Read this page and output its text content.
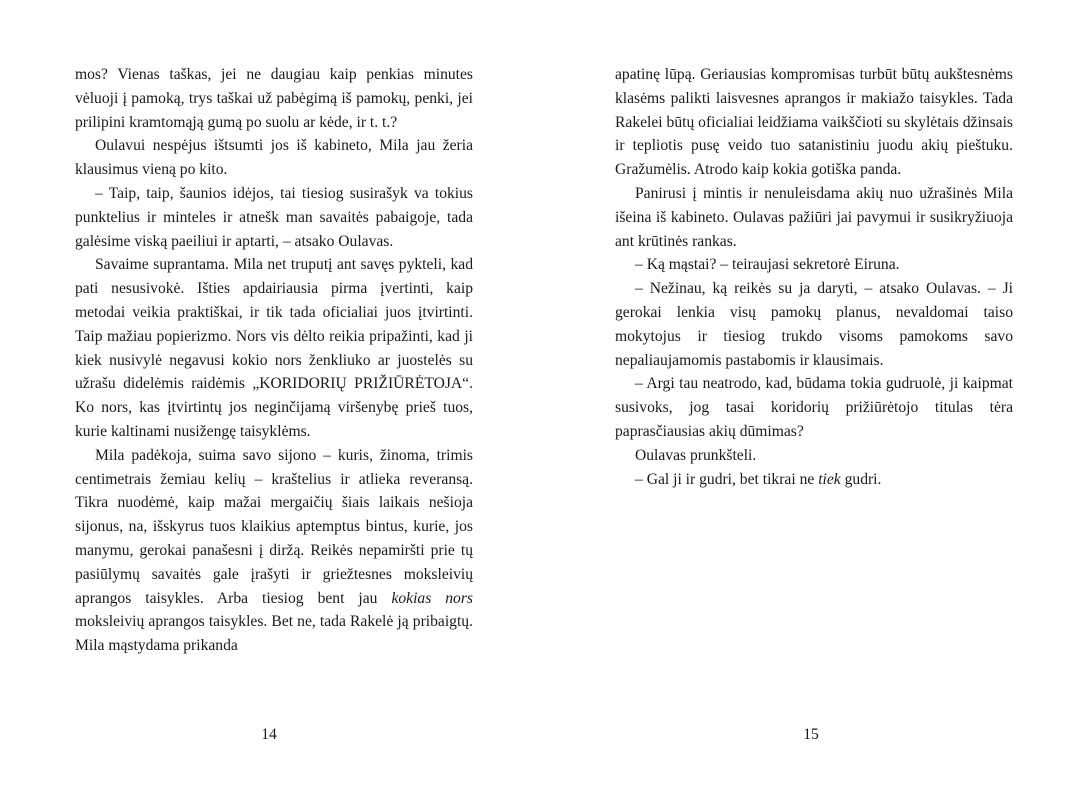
mos? Vienas taškas, jei ne daugiau kaip penkias minutes vėluoji į pamoką, trys taškai už pabėgimą iš pamokų, penki, jei prilipini kramtomąją gumą po suolu ar kėde, ir t. t.?

Oulavui nespėjus ištsumti jos iš kabineto, Mila jau žeria klausimus vieną po kito.

– Taip, taip, šaunios idėjos, tai tiesiog susirašyk va tokius punktelius ir minteles ir atnešk man savaitės pabaigoje, tada galėsime viską paeiliui ir aptarti, – atsako Oulavas.

Savaime suprantama. Mila net truputį ant savęs pyktelі, kad pati nesusivokė. Išties apdairiausia pirma įvertinti, kaip metodai veikia praktiškai, ir tik tada oficialiai juos įtvirtinti. Taip mažiau popierizmo. Nors vis dėlto reikia pripažinti, kad ji kiek nusivylė negavusi kokio nors ženkliuko ar juostelės su užrašu didelėmis raidėmis „KORIDORIŲ PRIŽIŪRĖTOJA“. Ko nors, kas įtvirtintų jos neginčijamą viršenybę prieš tuos, kurie kaltinami nusižengę taisyklėms.

Mila padėkoja, suima savo sijono – kuris, žinoma, trimis centimetrais žemiau kelių – kraštelius ir atlieka reveransą. Tikra nuodėmė, kaip mažai mergaičių šiais laikais nešioja sijonus, na, išskyrus tuos klaikius aptemptus bintus, kurie, jos manymu, gerokai panašesni į diržą. Reikės nepamiršti prie tų pasiūlymų savaitės gale įrašyti ir griežtesnes moksleivių aprangos taisykles. Arba tiesiog bent jau kokias nors moksleivių aprangos taisykles. Bet ne, tada Rakelė ją pribaigtų. Mila mąstydama prikanda

14

apatinę lūpą. Geriausias kompromisas turbūt būtų aukštesnėms klasėms palikti laisvesnes aprangos ir makiažo taisykles. Tada Rakelei būtų oficialiai leidžiama vaikščioti su skylėtais džinsais ir tepliotis pusę veido tuo satanistiniu juodu akių pieštuku. Gražumėlis. Atrodo kaip kokia gotiška panda.

Panirusi į mintis ir nenuleisdama akių nuo užrašinės Mila išeina iš kabineto. Oulavas pažiūri jai pavymui ir susikryžiuoja ant krūtinės rankas.

– Ką mąstai? – teiraujasi sekretorė Eiruna.

– Nežinau, ką reikės su ja daryti, – atsako Oulavas. – Ji gerokai lenkia visų pamokų planus, nevaldomai taiso mokytojus ir tiesiog trukdo visoms pamokoms savo nepaliaujamomis pastabomis ir klausimais.

– Argi tau neatrodo, kad, būdama tokia gudruolė, ji kaipmat susivoks, jog tasai koridorių prižiūrėtojo titulas tėra paprasčiausias akių dūmimas?

Oulavas prunkšteli.

– Gal ji ir gudri, bet tikrai ne tiek gudri.

15
